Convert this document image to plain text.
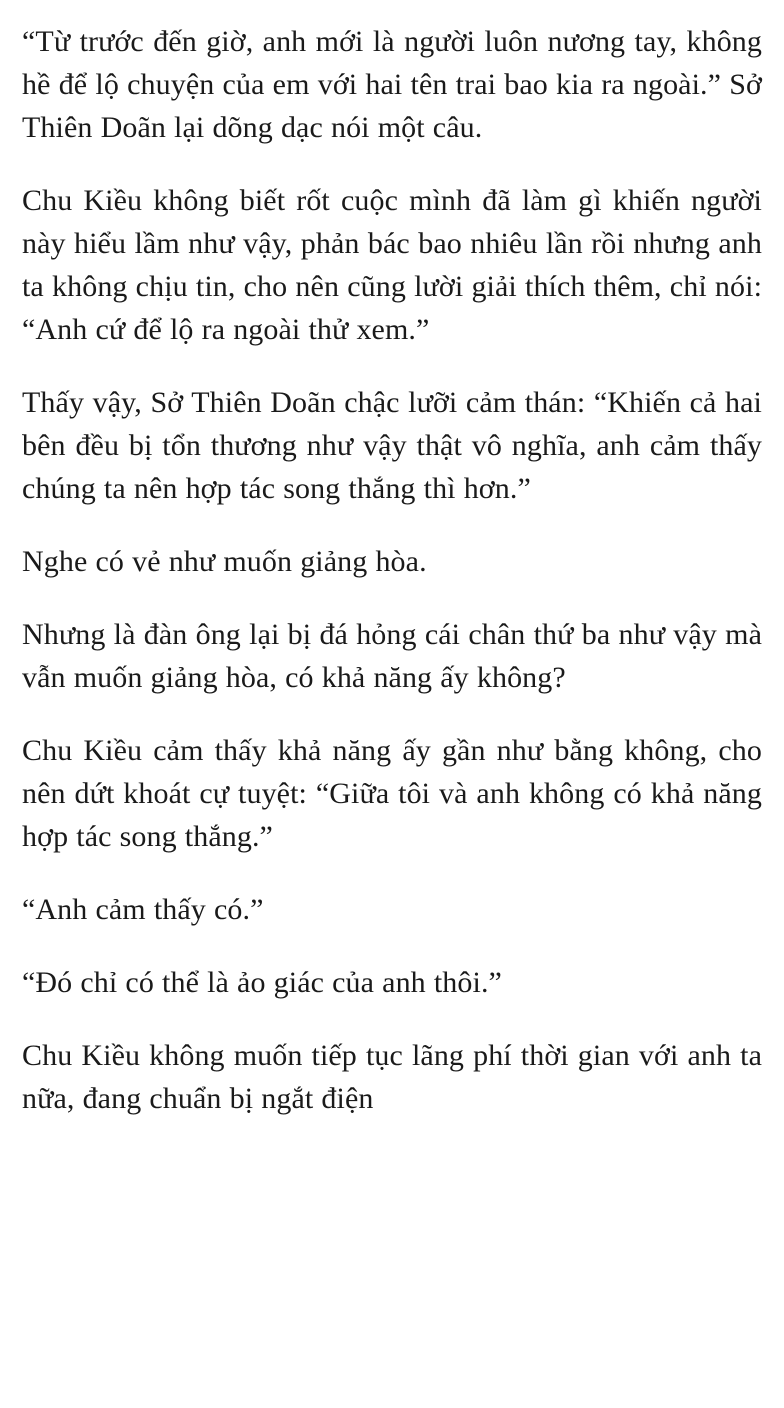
“Từ trước đến giờ, anh mới là người luôn nương tay, không hề để lộ chuyện của em với hai tên trai bao kia ra ngoài.” Sở Thiên Doãn lại dõng dạc nói một câu.

Chu Kiều không biết rốt cuộc mình đã làm gì khiến người này hiểu lầm như vậy, phản bác bao nhiêu lần rồi nhưng anh ta không chịu tin, cho nên cũng lười giải thích thêm, chỉ nói: “Anh cứ để lộ ra ngoài thử xem.”

Thấy vậy, Sở Thiên Doãn chậc lưỡi cảm thán: “Khiến cả hai bên đều bị tổn thương như vậy thật vô nghĩa, anh cảm thấy chúng ta nên hợp tác song thắng thì hơn.”

Nghe có vẻ như muốn giảng hòa.

Nhưng là đàn ông lại bị đá hỏng cái chân thứ ba như vậy mà vẫn muốn giảng hòa, có khả năng ấy không?

Chu Kiều cảm thấy khả năng ấy gần như bằng không, cho nên dứt khoát cự tuyệt: “Giữa tôi và anh không có khả năng hợp tác song thắng.”

“Anh cảm thấy có.”

“Đó chỉ có thể là ảo giác của anh thôi.”

Chu Kiều không muốn tiếp tục lãng phí thời gian với anh ta nữa, đang chuẩn bị ngắt điện
